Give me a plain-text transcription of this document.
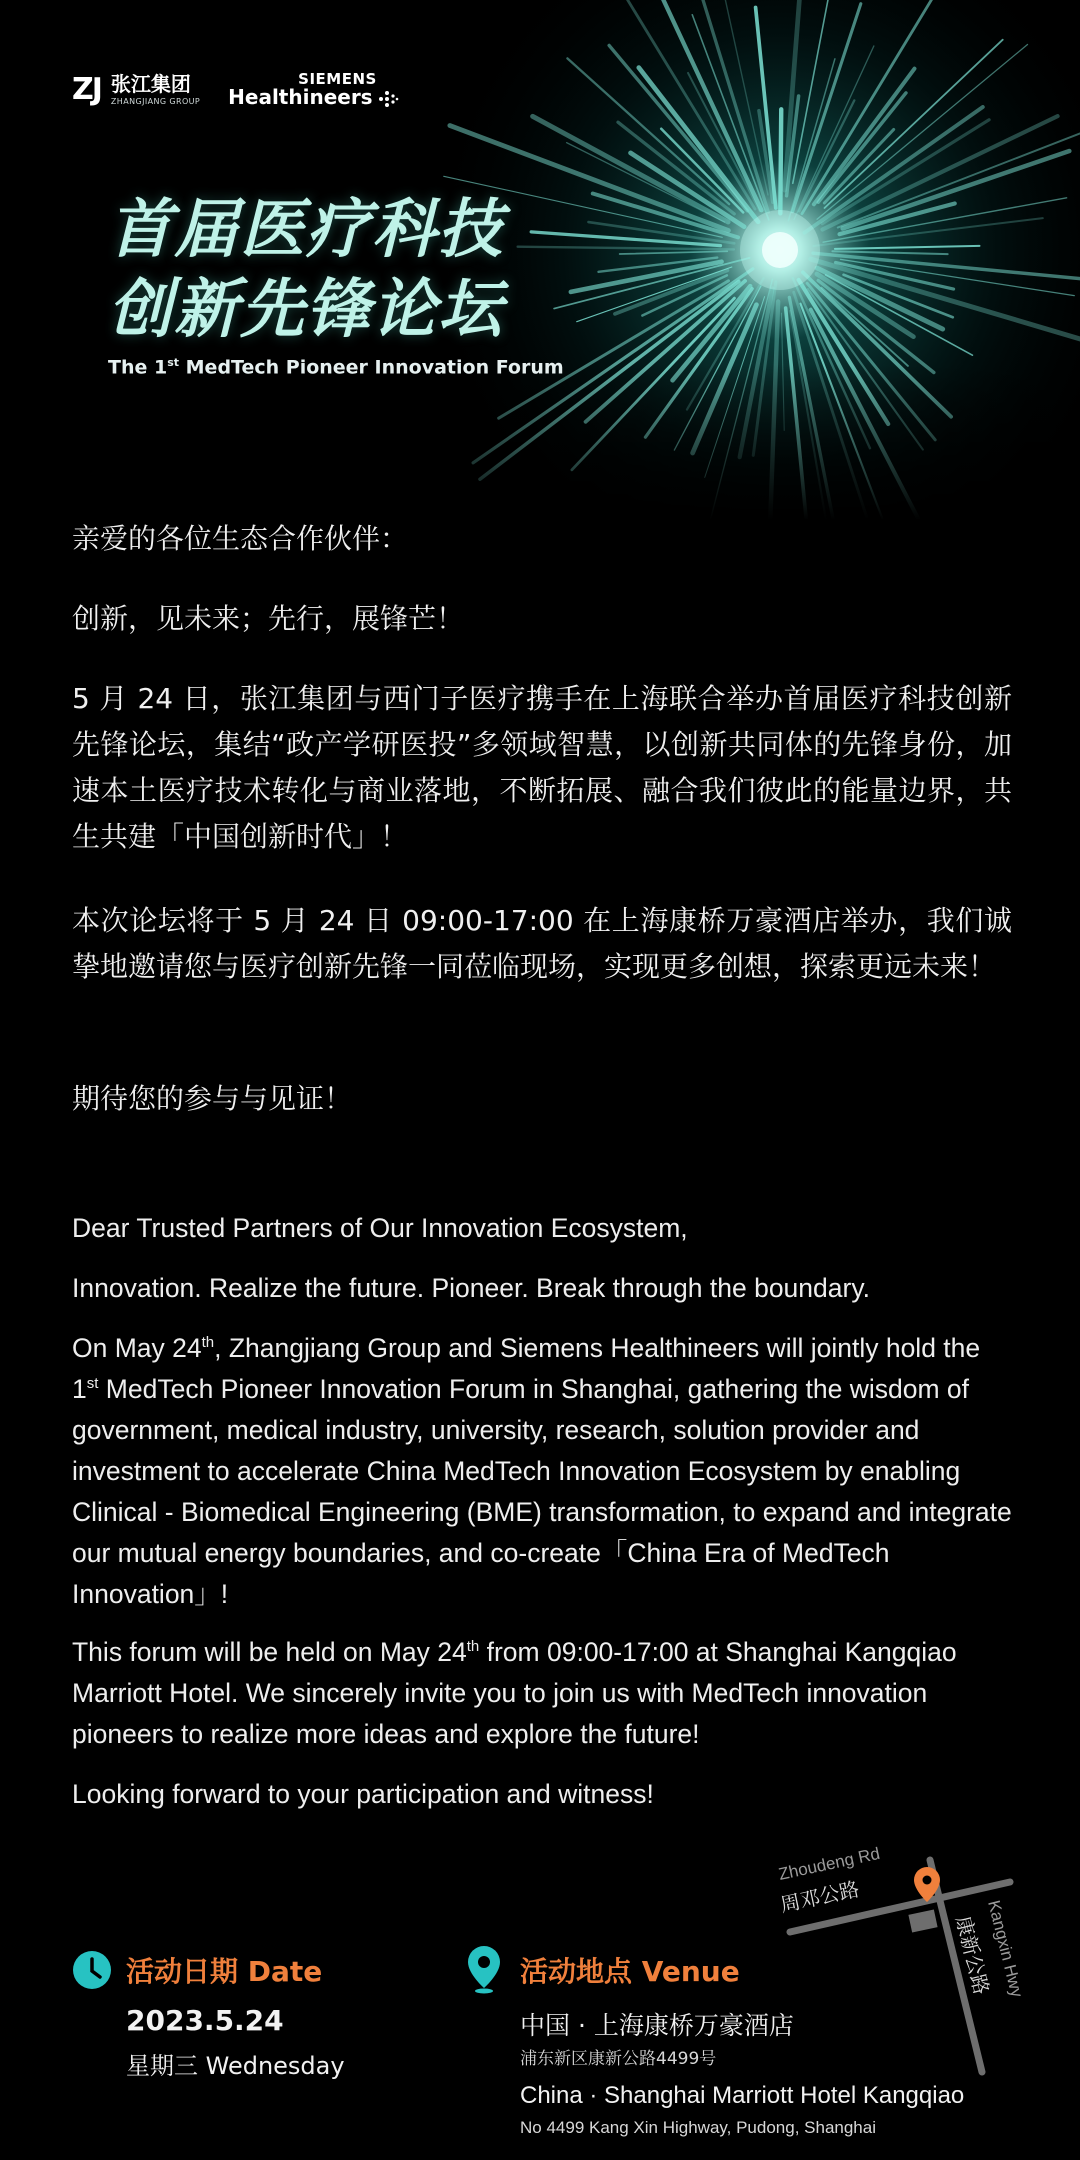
ZJ 张江集团
ZHANGJIANG GROUP
SIEMENS
Healthineers
首届医疗科技
创新先锋论坛
The 1st MedTech Pioneer Innovation Forum

亲爱的各位生态合作伙伴：

创新，见未来；先行，展锋芒！

5 月 24 日，张江集团与西门子医疗携手在上海联合举办首届医疗科技创新先锋论坛，集结“政产学研医投”多领域智慧，以创新共同体的先锋身份，加速本土医疗技术转化与商业落地，不断拓展、融合我们彼此的能量边界，共生共建「中国创新时代」！

本次论坛将于 5 月 24 日 09:00-17:00 在上海康桥万豪酒店举办，我们诚挚地邀请您与医疗创新先锋一同莅临现场，实现更多创想，探索更远未来！

期待您的参与与见证！

Dear Trusted Partners of Our Innovation Ecosystem,

Innovation. Realize the future. Pioneer. Break through the boundary.

On May 24th, Zhangjiang Group and Siemens Healthineers will jointly hold the 1st MedTech Pioneer Innovation Forum in Shanghai, gathering the wisdom of government, medical industry, university, research, solution provider and investment to accelerate China MedTech Innovation Ecosystem by enabling Clinical - Biomedical Engineering (BME) transformation, to expand and integrate our mutual energy boundaries, and co-create「China Era of MedTech Innovation」!

This forum will be held on May 24th from 09:00-17:00 at Shanghai Kangqiao Marriott Hotel. We sincerely invite you to join us with MedTech innovation pioneers to realize more ideas and explore the future!

Looking forward to your participation and witness!

Zhoudeng Rd
周邓公路
Kangxin Hwy
康新公路
活动日期 Date
2023.5.24
星期三 Wednesday
活动地点 Venue
中国 · 上海康桥万豪酒店
浦东新区康新公路4499号
China · Shanghai Marriott Hotel Kangqiao
No 4499 Kang Xin Highway, Pudong, Shanghai
